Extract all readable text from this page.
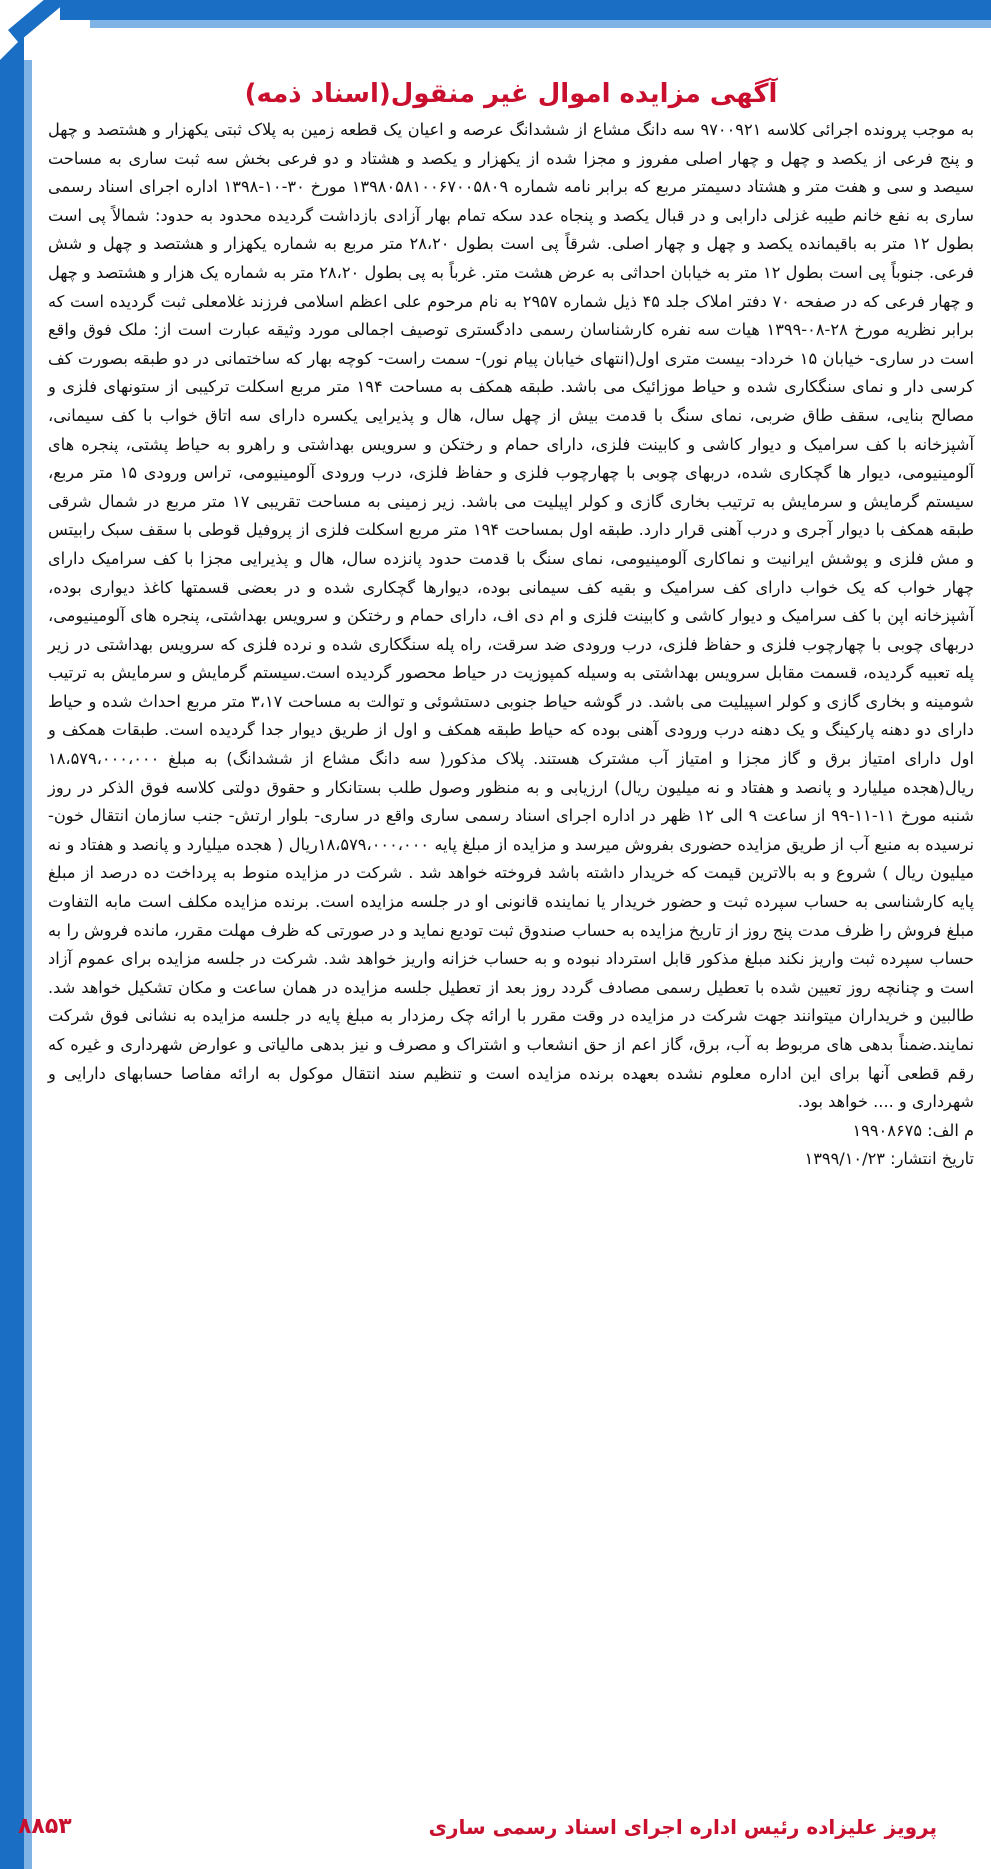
آگهی مزایده اموال غیر منقول(اسناد ذمه)

به موجب پرونده اجرائی کلاسه ۹۷۰۰۹۲۱ سه دانگ مشاع از ششدانگ عرصه و اعیان یک قطعه زمین به پلاک ثبتی یکهزار و هشتصد و چهل و پنج فرعی از یکصد و چهل و چهار اصلی مفروز و مجزا شده از یکهزار و یکصد و هشتاد و دو فرعی بخش سه ثبت ساری به مساحت سیصد و سی و هفت متر و هشتاد دسیمتر مربع که برابر نامه شماره ۱۳۹۸۰۵۸۱۰۰۶۷۰۰۵۸۰۹ مورخ ۳۰-۱۰-۱۳۹۸ اداره اجرای اسناد رسمی ساری به نفع خانم طیبه غزلی دارابی و در قبال یکصد و پنجاه عدد سکه تمام بهار آزادی بازداشت گردیده محدود به حدود: شمالاً پی است بطول ۱۲ متر به باقیمانده یکصد و چهل و چهار اصلی. شرقاً پی است بطول ۲۸،۲۰ متر مربع به شماره یکهزار و هشتصد و چهل و شش فرعی. جنوباً پی است بطول ۱۲ متر به خیابان احداثی به عرض هشت متر. غرباً به پی بطول ۲۸،۲۰ متر به شماره یک هزار و هشتصد و چهل و چهار فرعی که در صفحه ۷۰ دفتر املاک جلد ۴۵ ذیل شماره ۲۹۵۷ به نام مرحوم علی اعظم اسلامی فرزند غلامعلی ثبت گردیده است که برابر نظریه مورخ ۲۸-۰۸-۱۳۹۹ هیات سه نفره کارشناسان رسمی دادگستری توصیف اجمالی مورد وثیقه عبارت است از: ملک فوق واقع است در ساری- خیابان ۱۵ خرداد- بیست متری اول(انتهای خیابان پیام نور)- سمت راست- کوچه بهار که ساختمانی در دو طبقه بصورت کف کرسی دار و نمای سنگکاری شده و حیاط موزائیک می باشد. طبقه همکف به مساحت ۱۹۴ متر مربع اسکلت ترکیبی از ستونهای فلزی و مصالح بنایی، سقف طاق ضربی، نمای سنگ با قدمت بیش از چهل سال، هال و پذیرایی یکسره دارای سه اتاق خواب با کف سیمانی، آشپزخانه با کف سرامیک و دیوار کاشی و کابینت فلزی، دارای حمام و رختکن و سرویس بهداشتی و راهرو به حیاط پشتی، پنجره های آلومینیومی، دیوار ها گچکاری شده، دربهای چوبی با چهارچوب فلزی و حفاظ فلزی، درب ورودی آلومینیومی، تراس ورودی ۱۵ متر مربع، سیستم گرمایش و سرمایش به ترتیب بخاری گازی و کولر اپیلیت می باشد. زیر زمینی به مساحت تقریبی ۱۷ متر مربع در شمال شرقی طبقه همکف با دیوار آجری و درب آهنی قرار دارد. طبقه اول بمساحت ۱۹۴ متر مربع اسکلت فلزی از پروفیل قوطی با سقف سبک رابیتس و مش فلزی و پوشش ایرانیت و نماکاری آلومینیومی، نمای سنگ با قدمت حدود پانزده سال، هال و پذیرایی مجزا با کف سرامیک دارای چهار خواب که یک خواب دارای کف سرامیک و بقیه کف سیمانی بوده، دیوارها گچکاری شده و در بعضی قسمتها کاغذ دیواری بوده، آشپزخانه اپن با کف سرامیک و دیوار کاشی و کابینت فلزی و ام دی اف، دارای حمام و رختکن و سرویس بهداشتی، پنجره های آلومینیومی، دربهای چوبی با چهارچوب فلزی و حفاظ فلزی، درب ورودی ضد سرقت، راه پله سنگکاری شده و نرده فلزی که سرویس بهداشتی در زیر پله تعبیه گردیده، قسمت مقابل سرویس بهداشتی به وسیله کمپوزیت در حیاط محصور گردیده است.سیستم گرمایش و سرمایش به ترتیب شومینه و بخاری گازی و کولر اسپیلیت می باشد. در گوشه حیاط جنوبی دستشوئی و توالت به مساحت ۳،۱۷ متر مربع احداث شده و حیاط دارای دو دهنه پارکینگ و یک دهنه درب ورودی آهنی بوده که حیاط طبقه همکف و اول از طریق دیوار جدا گردیده است. طبقات همکف و اول دارای امتیاز برق و گاز مجزا و امتیاز آب مشترک هستند. پلاک مذکور( سه دانگ مشاع از ششدانگ) به مبلغ ۱۸،۵۷۹،۰۰۰،۰۰۰ ریال(هجده میلیارد و پانصد و هفتاد و نه میلیون ریال) ارزیابی و به منظور وصول طلب بستانکار و حقوق دولتی کلاسه فوق الذکر در روز شنبه مورخ ۱۱-۱۱-۹۹ از ساعت ۹ الی ۱۲ ظهر در اداره اجرای اسناد رسمی ساری واقع در ساری- بلوار ارتش- جنب سازمان انتقال خون- نرسیده به منبع آب از طریق مزایده حضوری بفروش میرسد و مزایده از مبلغ پایه ۱۸،۵۷۹،۰۰۰،۰۰۰ریال ( هجده میلیارد و پانصد و هفتاد و نه میلیون ریال ) شروع و به بالاترین قیمت که خریدار داشته باشد فروخته خواهد شد . شرکت در مزایده منوط به پرداخت ده درصد از مبلغ پایه کارشناسی به حساب سپرده ثبت و حضور خریدار یا نماینده قانونی او در جلسه مزایده است. برنده مزایده مکلف است مابه التفاوت مبلغ فروش را ظرف مدت پنج روز از تاریخ مزایده به حساب صندوق ثبت تودیع نماید و در صورتی که ظرف مهلت مقرر، مانده فروش را به حساب سپرده ثبت واریز نکند مبلغ مذکور قابل استرداد نبوده و به حساب خزانه واریز خواهد شد. شرکت در جلسه مزایده برای عموم آزاد است و چنانچه روز تعیین شده با تعطیل رسمی مصادف گردد روز بعد از تعطیل جلسه مزایده در همان ساعت و مکان تشکیل خواهد شد. طالبین و خریداران میتوانند جهت شرکت در مزایده در وقت مقرر با ارائه چک رمزدار به مبلغ پایه در جلسه مزایده به نشانی فوق شرکت نمایند.ضمناً بدهی های مربوط به آب، برق، گاز اعم از حق انشعاب و اشتراک و مصرف و نیز بدهی مالیاتی و عوارض شهرداری و غیره که رقم قطعی آنها برای این اداره معلوم نشده بعهده برنده مزایده است و تنظیم سند انتقال موکول به ارائه مفاصا حسابهای دارایی و شهرداری و .... خواهد بود.

م الف: ۱۹۹۰۸۶۷۵

تاریخ انتشار: ۱۳۹۹/۱۰/۲۳

پرویز علیزاده رئیس اداره اجرای اسناد رسمی ساری
۸۸۵۳
